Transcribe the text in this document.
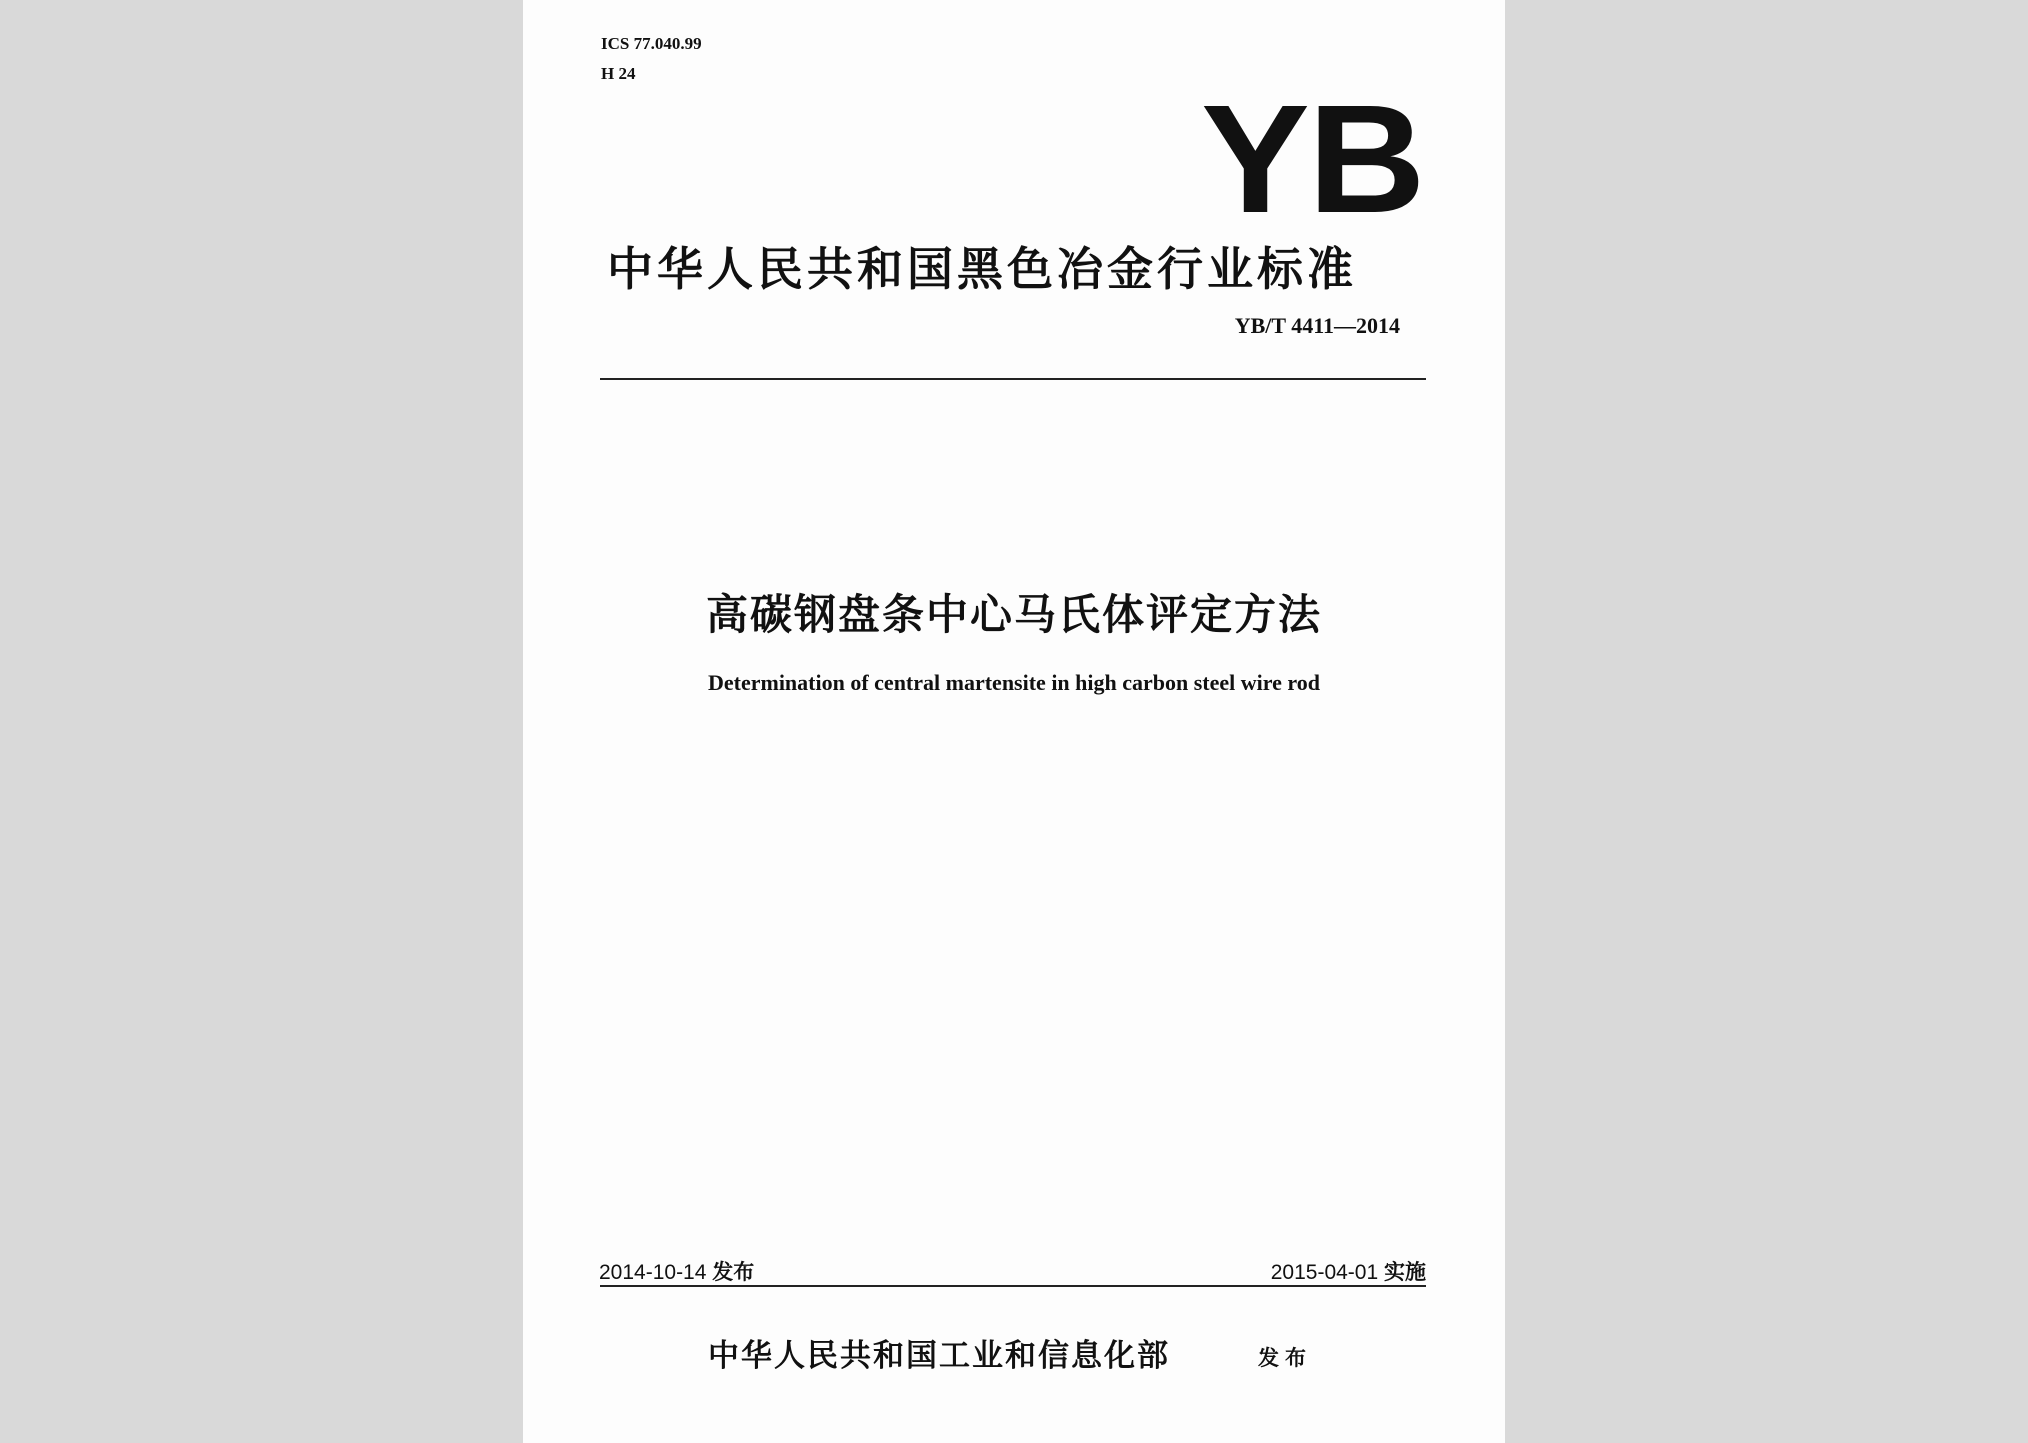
ICS 77.040.99
H 24	YB
中华人民共和国黑色冶金行业标准
YB/T 4411—2014
高碳钢盘条中心马氏体评定方法
Determination of central martensite in high carbon steel wire rod
2014-10-14 发布	2015-04-01 实施
中华人民共和国工业和信息化部	发布
